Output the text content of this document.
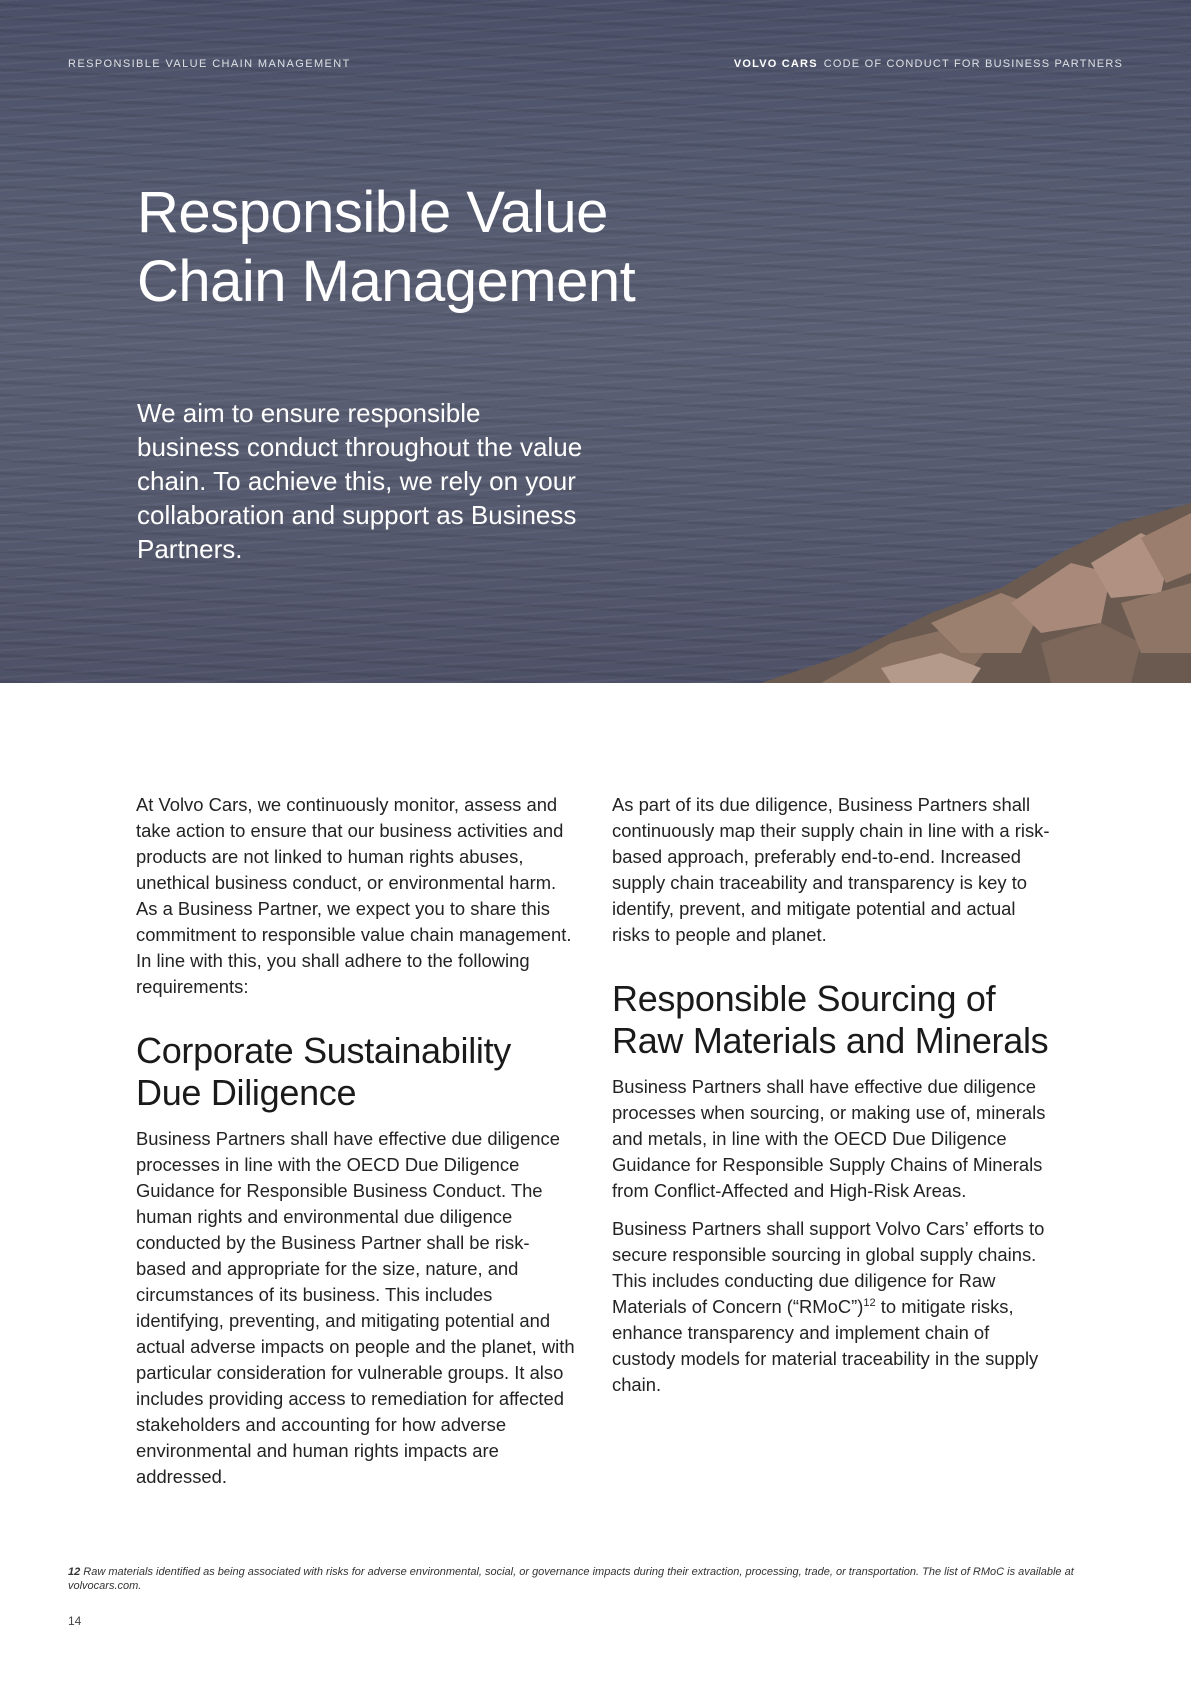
RESPONSIBLE VALUE CHAIN MANAGEMENT	VOLVO CARS CODE OF CONDUCT FOR BUSINESS PARTNERS
Responsible Value Chain Management

We aim to ensure responsible business conduct throughout the value chain. To achieve this, we rely on your collaboration and support as Business Partners.

At Volvo Cars, we continuously monitor, assess and take action to ensure that our business activities and products are not linked to human rights abuses, unethical business conduct, or environmental harm. As a Business Partner, we expect you to share this commitment to responsible value chain management. In line with this, you shall adhere to the following requirements:

Corporate Sustainability Due Diligence

Business Partners shall have effective due diligence processes in line with the OECD Due Diligence Guidance for Responsible Business Conduct. The human rights and environmental due diligence conducted by the Business Partner shall be risk-based and appropriate for the size, nature, and circumstances of its business. This includes identifying, preventing, and mitigating potential and actual adverse impacts on people and the planet, with particular consideration for vulnerable groups. It also includes providing access to remediation for affected stakeholders and accounting for how adverse environmental and human rights impacts are addressed.

As part of its due diligence, Business Partners shall continuously map their supply chain in line with a risk-based approach, preferably end-to-end. Increased supply chain traceability and transparency is key to identify, prevent, and mitigate potential and actual risks to people and planet.

Responsible Sourcing of Raw Materials and Minerals

Business Partners shall have effective due diligence processes when sourcing, or making use of, minerals and metals, in line with the OECD Due Diligence Guidance for Responsible Supply Chains of Minerals from Conflict-Affected and High-Risk Areas.

Business Partners shall support Volvo Cars’ efforts to secure responsible sourcing in global supply chains. This includes conducting due diligence for Raw Materials of Concern (“RMoC”)$^{12}$ to mitigate risks, enhance transparency and implement chain of custody models for material traceability in the supply chain.

12 Raw materials identified as being associated with risks for adverse environmental, social, or governance impacts during their extraction, processing, trade, or transportation. The list of RMoC is available at volvocars.com.

14
